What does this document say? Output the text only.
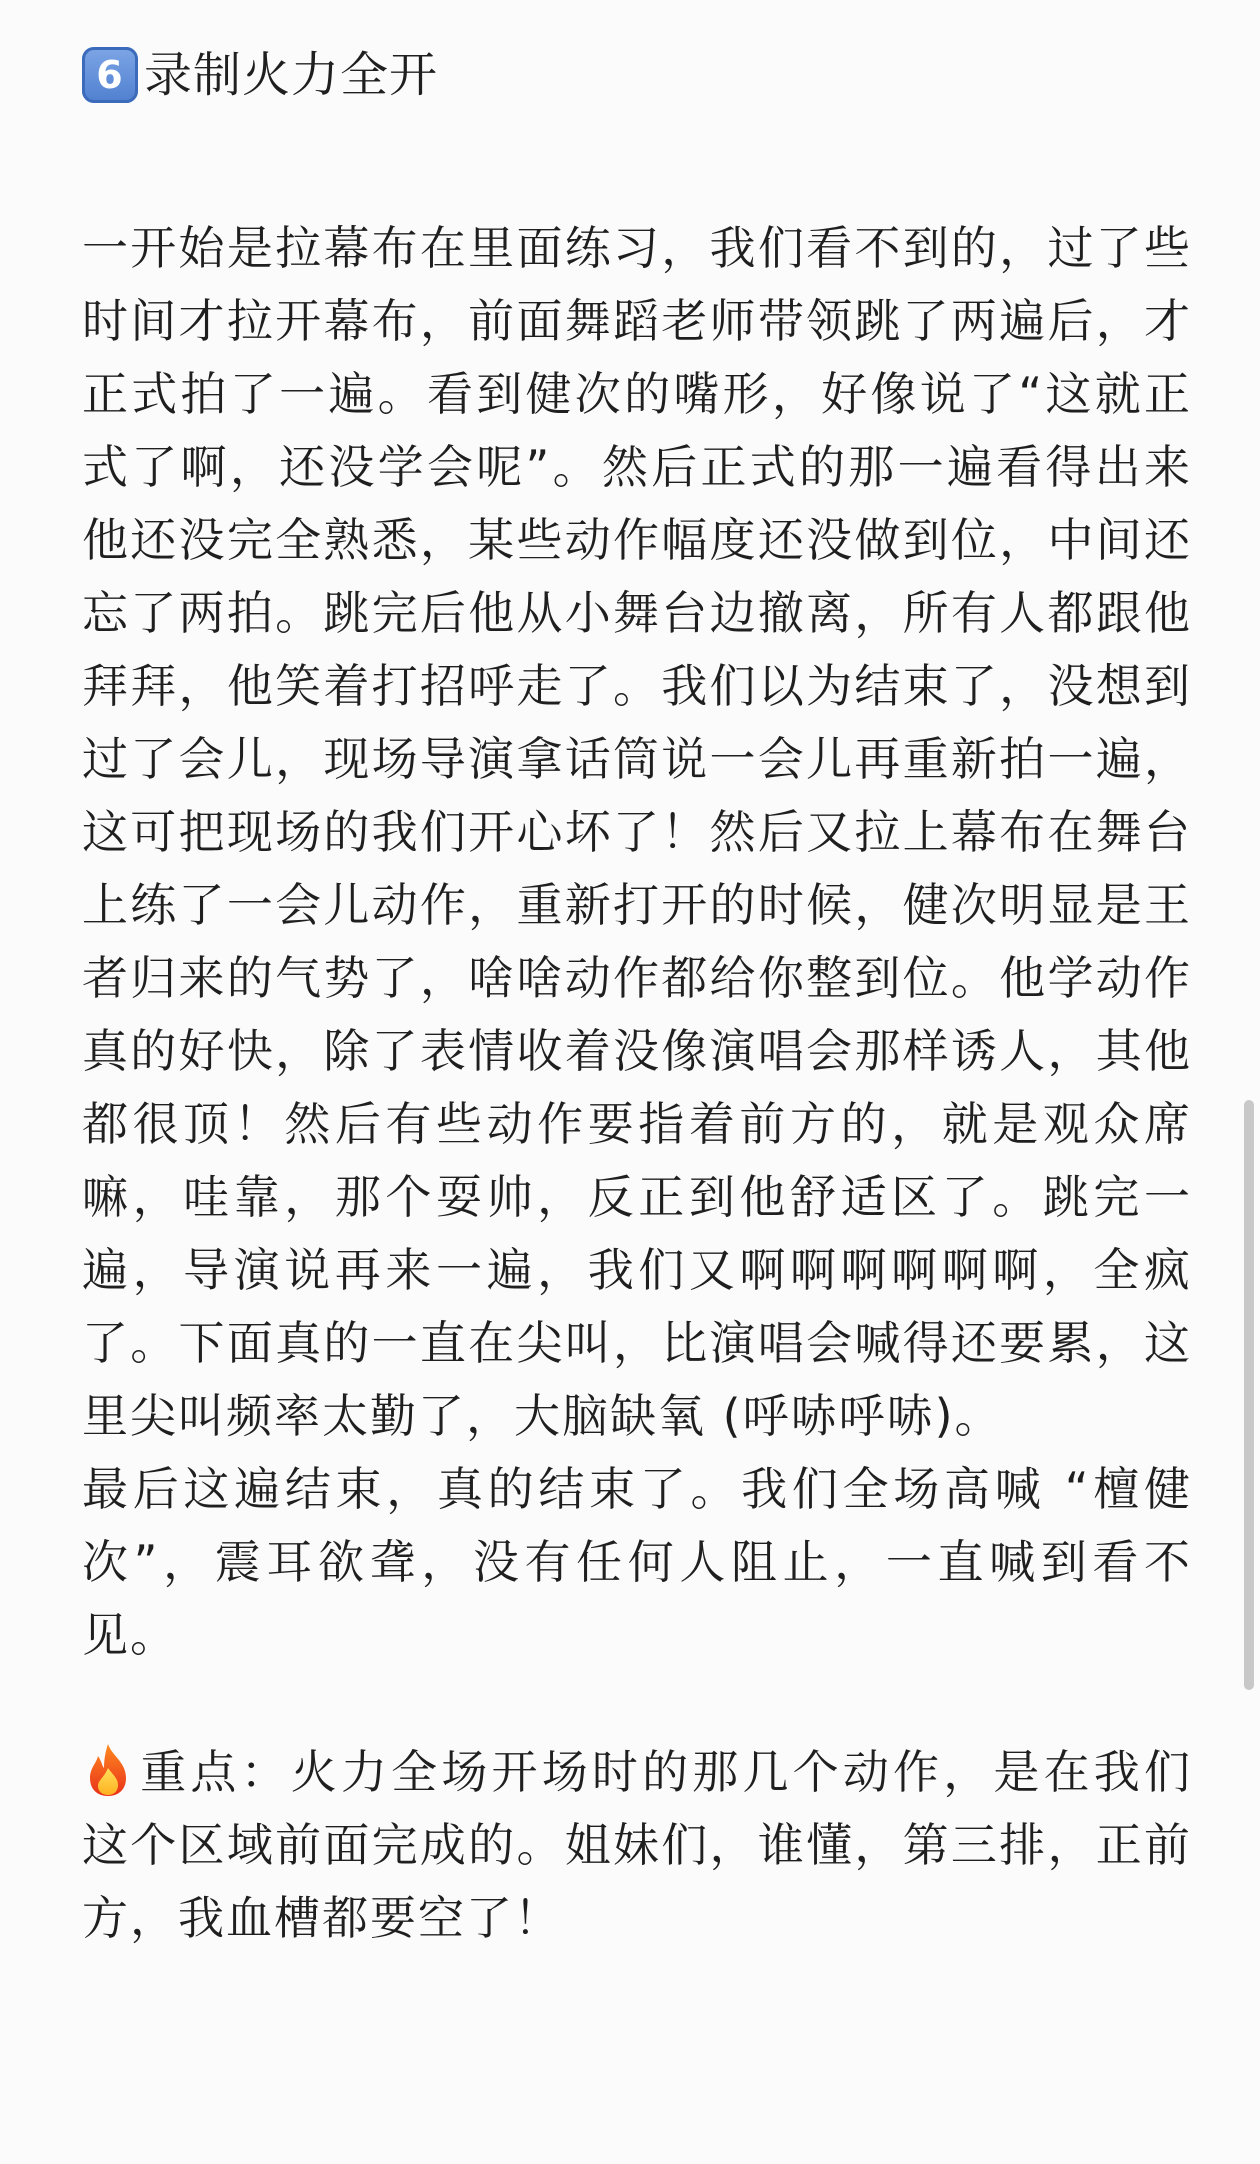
6 录制火力全开

一开始是拉幕布在里面练习，我们看不到的，过了些时间才拉开幕布，前面舞蹈老师带领跳了两遍后，才正式拍了一遍。看到健次的嘴形，好像说了“这就正式了啊，还没学会呢”。然后正式的那一遍看得出来他还没完全熟悉，某些动作幅度还没做到位，中间还忘了两拍。跳完后他从小舞台边撤离，所有人都跟他拜拜，他笑着打招呼走了。我们以为结束了，没想到过了会儿，现场导演拿话筒说一会儿再重新拍一遍，这可把现场的我们开心坏了！然后又拉上幕布在舞台上练了一会儿动作，重新打开的时候，健次明显是王者归来的气势了，啥啥动作都给你整到位。他学动作真的好快，除了表情收着没像演唱会那样诱人，其他都很顶！然后有些动作要指着前方的，就是观众席嘛，哇靠，那个耍帅，反正到他舒适区了。跳完一遍，导演说再来一遍，我们又啊啊啊啊啊啊，全疯了。下面真的一直在尖叫，比演唱会喊得还要累，这里尖叫频率太勤了，大脑缺氧 (呼哧呼哧)。

最后这遍结束，真的结束了。我们全场高喊 “檀健次”，震耳欲聋，没有任何人阻止，一直喊到看不见。

重点：火力全场开场时的那几个动作，是在我们这个区域前面完成的。姐妹们，谁懂，第三排，正前方，我血槽都要空了！
